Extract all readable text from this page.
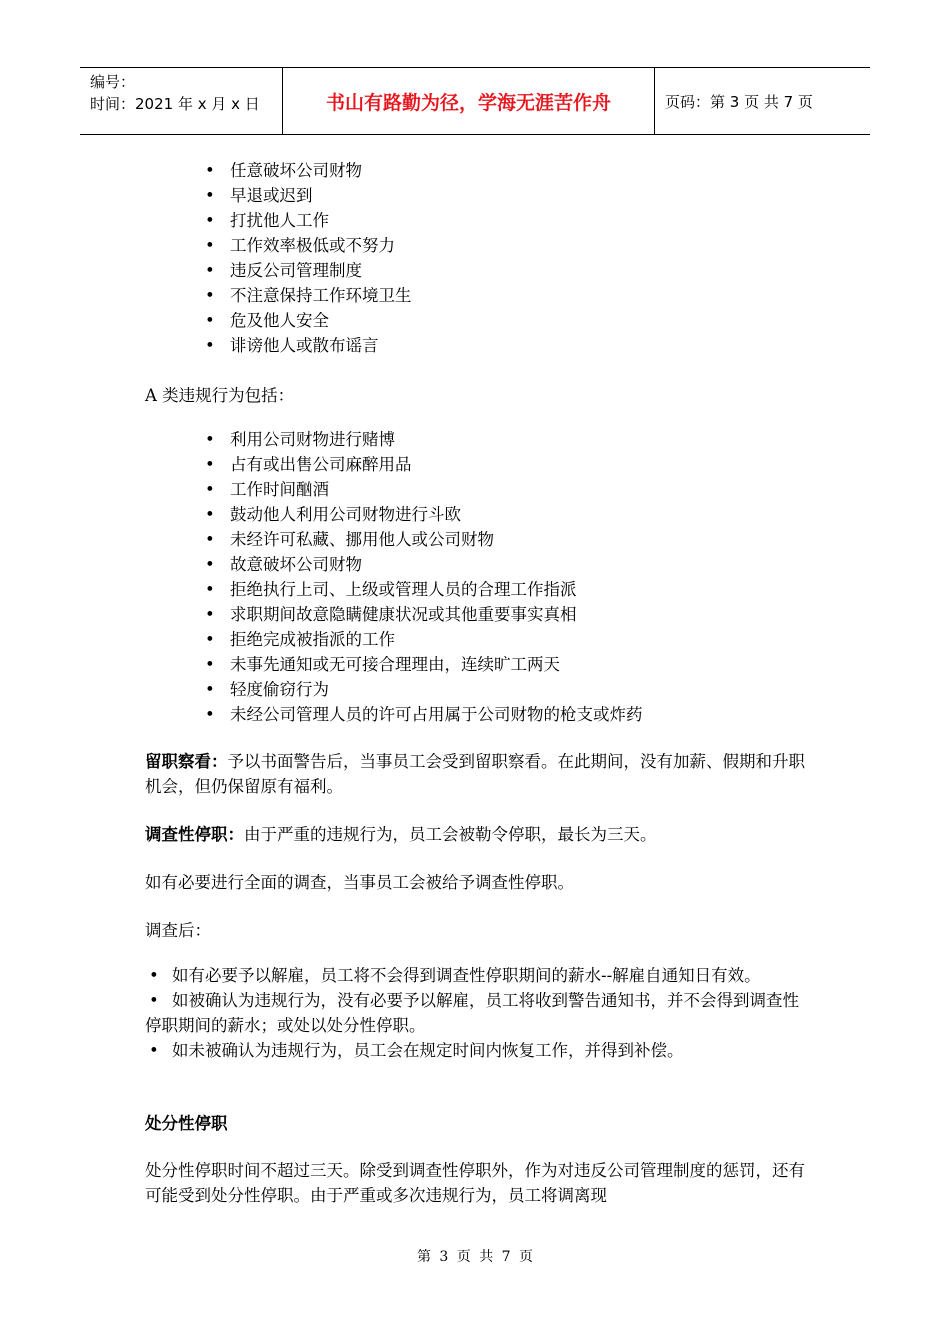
编号：
时间：2021 年 x 月 x 日	书山有路勤为径，学海无涯苦作舟	页码：第 3 页 共 7 页
• 任意破坏公司财物
• 早退或迟到
• 打扰他人工作
• 工作效率极低或不努力
• 违反公司管理制度
• 不注意保持工作环境卫生
• 危及他人安全
• 诽谤他人或散布谣言

A 类违规行为包括：

• 利用公司财物进行赌博
• 占有或出售公司麻醉用品
• 工作时间酗酒
• 鼓动他人利用公司财物进行斗欧
• 未经许可私藏、挪用他人或公司财物
• 故意破坏公司财物
• 拒绝执行上司、上级或管理人员的合理工作指派
• 求职期间故意隐瞒健康状况或其他重要事实真相
• 拒绝完成被指派的工作
• 未事先通知或无可接合理理由，连续旷工两天
• 轻度偷窃行为
• 未经公司管理人员的许可占用属于公司财物的枪支或炸药

留职察看：予以书面警告后，当事员工会受到留职察看。在此期间，没有加薪、假期和升职机会，但仍保留原有福利。

调查性停职：由于严重的违规行为，员工会被勒令停职，最长为三天。

如有必要进行全面的调查，当事员工会被给予调查性停职。

调查后：

• 如有必要予以解雇，员工将不会得到调查性停职期间的薪水--解雇自通知日有效。

• 如被确认为违规行为，没有必要予以解雇，员工将收到警告通知书，并不会得到调查性停职期间的薪水；或处以处分性停职。

• 如未被确认为违规行为，员工会在规定时间内恢复工作，并得到补偿。

处分性停职

处分性停职时间不超过三天。除受到调查性停职外，作为对违反公司管理制度的惩罚，还有可能受到处分性停职。由于严重或多次违规行为，员工将调离现

第 3 页 共 7 页
